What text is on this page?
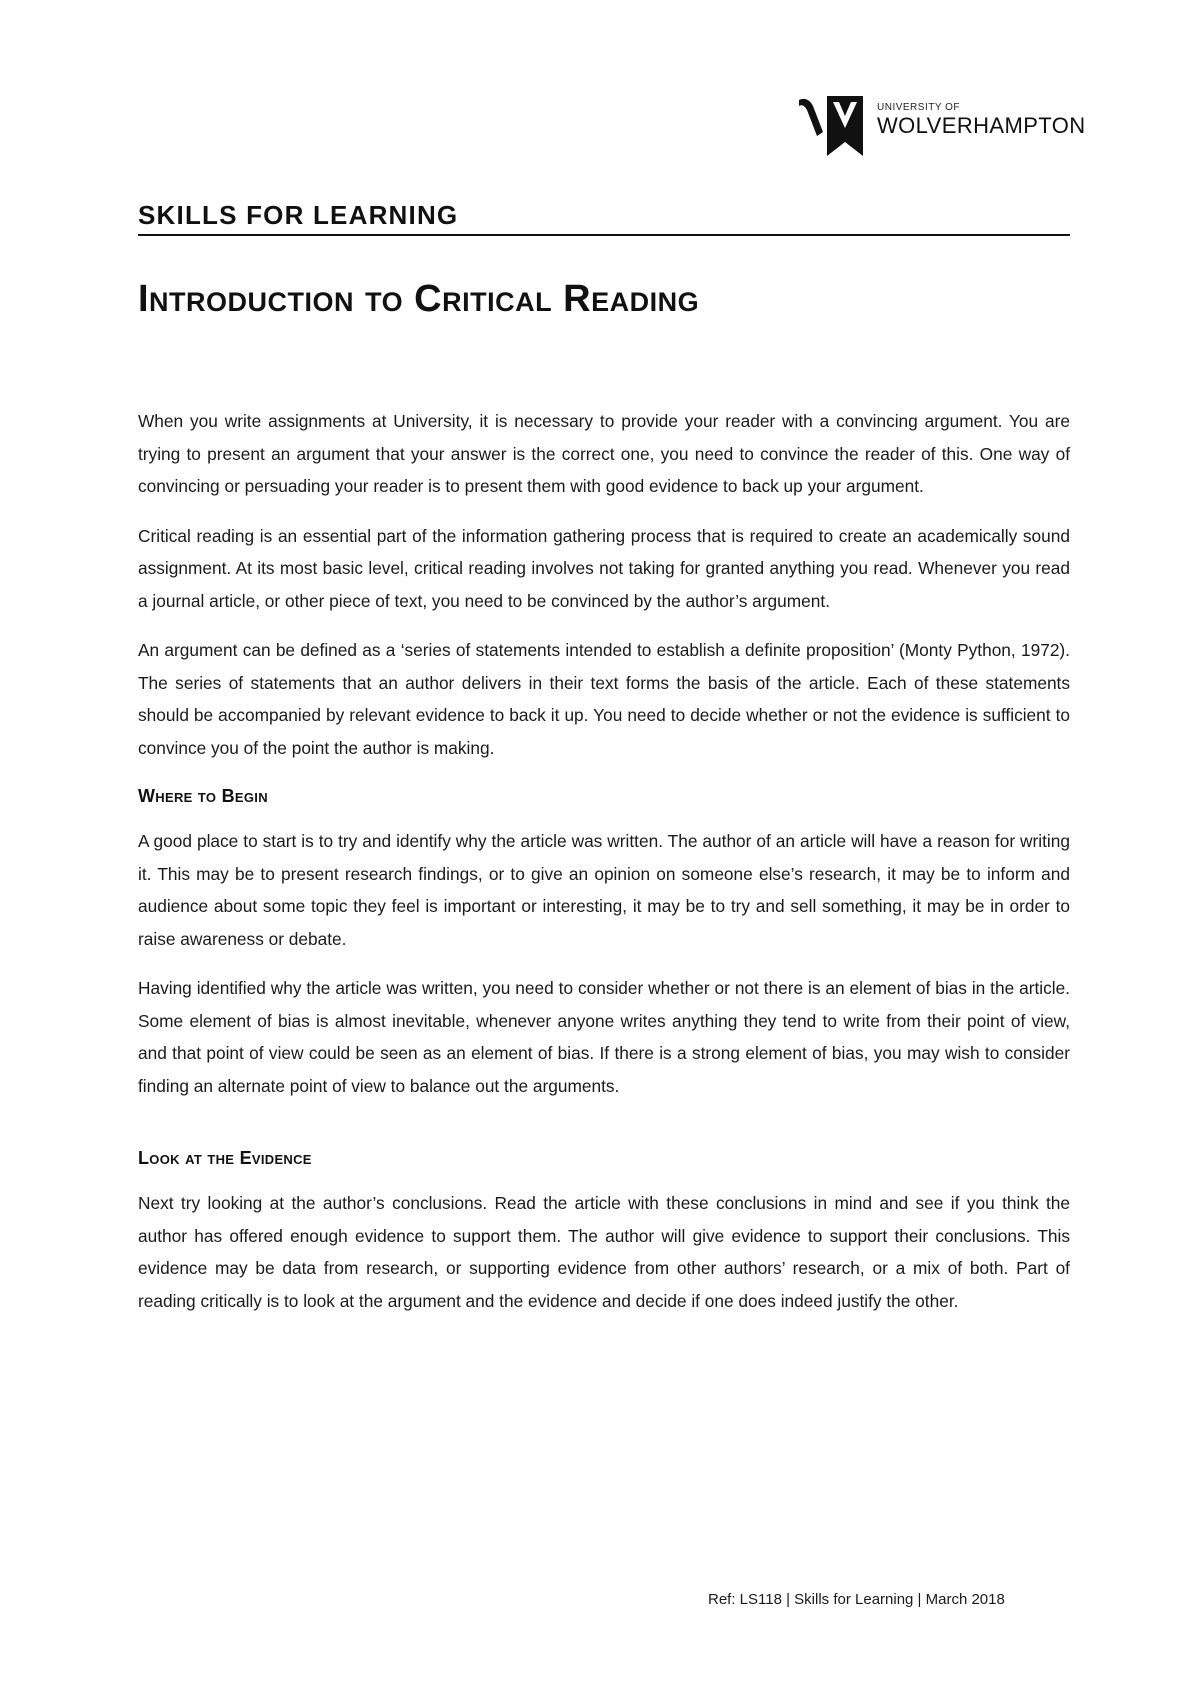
UNIVERSITY OF
WOLVERHAMPTON
SKILLS FOR LEARNING
Introduction to Critical Reading

When you write assignments at University, it is necessary to provide your reader with a convincing argument. You are trying to present an argument that your answer is the correct one, you need to convince the reader of this. One way of convincing or persuading your reader is to present them with good evidence to back up your argument.

Critical reading is an essential part of the information gathering process that is required to create an academically sound assignment. At its most basic level, critical reading involves not taking for granted anything you read. Whenever you read a journal article, or other piece of text, you need to be convinced by the author’s argument.

An argument can be defined as a ‘series of statements intended to establish a definite proposition’ (Monty Python, 1972). The series of statements that an author delivers in their text forms the basis of the article. Each of these statements should be accompanied by relevant evidence to back it up. You need to decide whether or not the evidence is sufficient to convince you of the point the author is making.

Where to Begin

A good place to start is to try and identify why the article was written. The author of an article will have a reason for writing it. This may be to present research findings, or to give an opinion on someone else’s research, it may be to inform and audience about some topic they feel is important or interesting, it may be to try and sell something, it may be in order to raise awareness or debate.

Having identified why the article was written, you need to consider whether or not there is an element of bias in the article. Some element of bias is almost inevitable, whenever anyone writes anything they tend to write from their point of view, and that point of view could be seen as an element of bias. If there is a strong element of bias, you may wish to consider finding an alternate point of view to balance out the arguments.

Look at the Evidence

Next try looking at the author’s conclusions. Read the article with these conclusions in mind and see if you think the author has offered enough evidence to support them. The author will give evidence to support their conclusions. This evidence may be data from research, or supporting evidence from other authors’ research, or a mix of both. Part of reading critically is to look at the argument and the evidence and decide if one does indeed justify the other.

Ref: LS118 | Skills for Learning | March 2018
